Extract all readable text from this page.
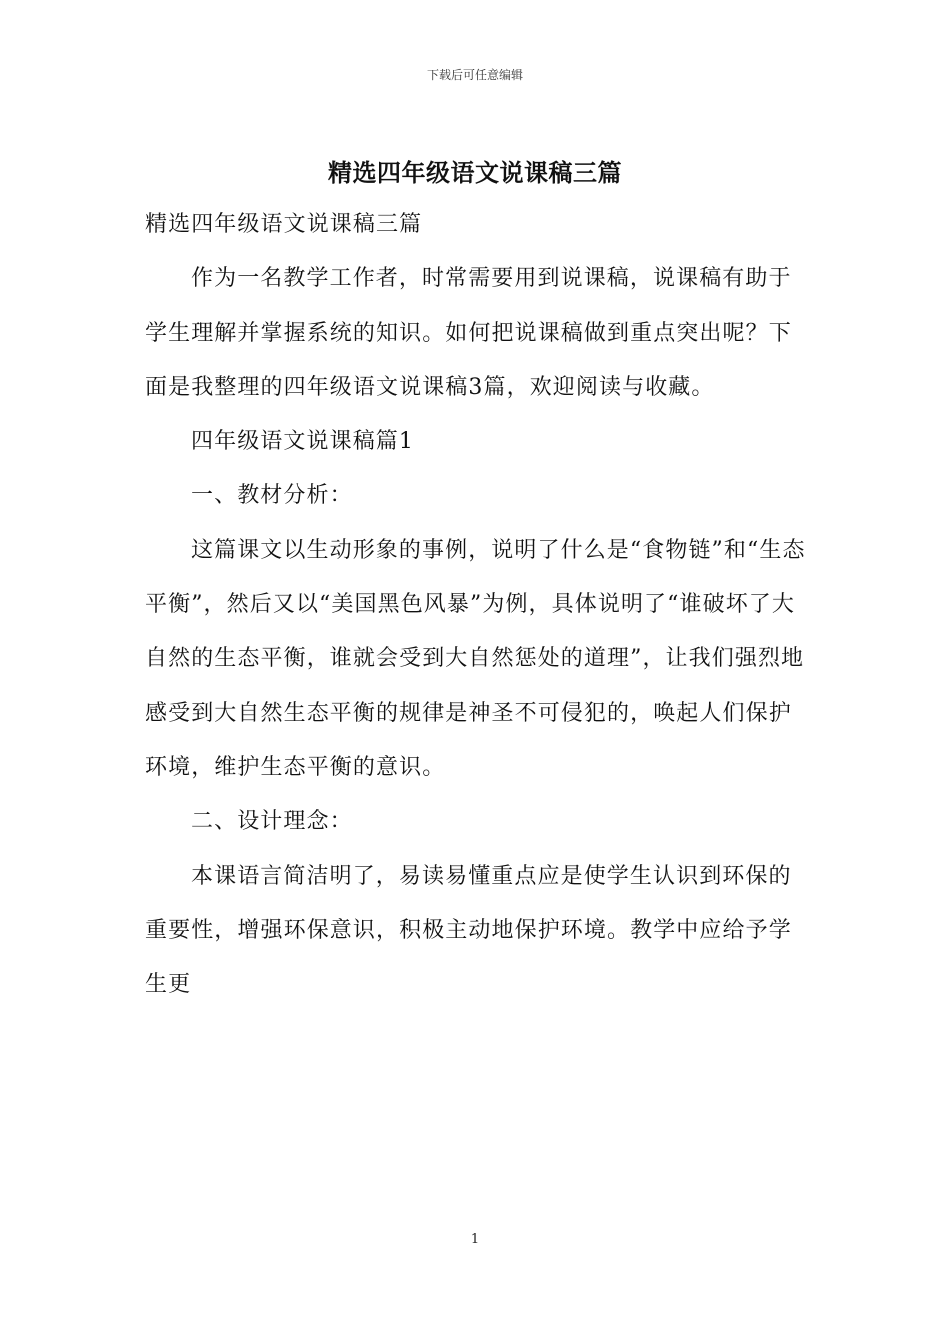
下载后可任意编辑
精选四年级语文说课稿三篇

精选四年级语文说课稿三篇

作为一名教学工作者，时常需要用到说课稿，说课稿有助于学生理解并掌握系统的知识。如何把说课稿做到重点突出呢？下面是我整理的四年级语文说课稿3篇，欢迎阅读与收藏。

四年级语文说课稿篇1

一、教材分析：

这篇课文以生动形象的事例，说明了什么是“食物链”和“生态平衡”，然后又以“美国黑色风暴”为例，具体说明了“谁破坏了大自然的生态平衡，谁就会受到大自然惩处的道理”，让我们强烈地感受到大自然生态平衡的规律是神圣不可侵犯的，唤起人们保护环境，维护生态平衡的意识。

二、设计理念：

本课语言简洁明了，易读易懂重点应是使学生认识到环保的重要性，增强环保意识，积极主动地保护环境。教学中应给予学生更

1
